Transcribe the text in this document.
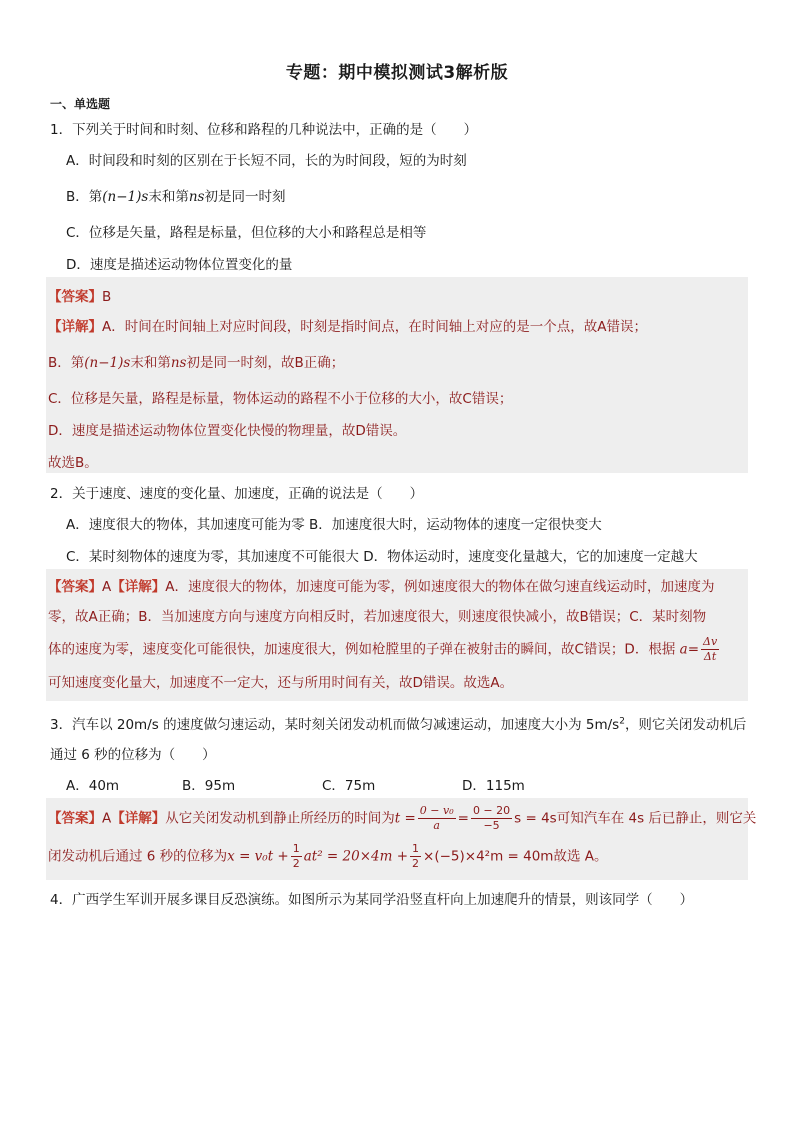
专题：期中模拟测试3解析版
一、单选题
1．下列关于时间和时刻、位移和路程的几种说法中，正确的是（　　）
A．时间段和时刻的区别在于长短不同，长的为时间段，短的为时刻
B．第(n−1)s末和第ns初是同一时刻
C．位移是矢量，路程是标量，但位移的大小和路程总是相等
D．速度是描述运动物体位置变化的量
【答案】B
【详解】A．时间在时间轴上对应时间段，时刻是指时间点，在时间轴上对应的是一个点，故A错误；
B．第(n−1)s末和第ns初是同一时刻，故B正确；
C．位移是矢量，路程是标量，物体运动的路程不小于位移的大小，故C错误；
D．速度是描述运动物体位置变化快慢的物理量，故D错误。
故选B。
2．关于速度、速度的变化量、加速度，正确的说法是（　　）
A．速度很大的物体，其加速度可能为零 B．加速度很大时，运动物体的速度一定很快变大
C．某时刻物体的速度为零，其加速度不可能很大 D．物体运动时，速度变化量越大，它的加速度一定越大
【答案】A【详解】A．速度很大的物体，加速度可能为零，例如速度很大的物体在做匀速直线运动时，加速度为
零，故A正确；B．当加速度方向与速度方向相反时，若加速度很大，则速度很快减小，故B错误；C．某时刻物
体的速度为零，速度变化可能很快，加速度很大，例如枪膛里的子弹在被射击的瞬间，故C错误；D．根据 $a= \frac{\Delta v}{\Delta t}$
可知速度变化量大，加速度不一定大，还与所用时间有关，故D错误。故选A。
3．汽车以 20m/s 的速度做匀速运动，某时刻关闭发动机而做匀减速运动，加速度大小为 $5m/s^2$，则它关闭发动机后
通过 6 秒的位移为（　　）
A．40m	B．95m	C．75m	D．115m
【答案】A【详解】从它关闭发动机到静止所经历的时间为$t = \frac{\text{0 − v₀}}{a} = \frac{0 - 20}{-5}$ s = 4s可知汽车在 4s 后已静止，则它关
闭发动机后通过 6 秒的位移为$x = v_0t + \frac{1}{2} at^2 = 20\times 4m + \frac{1}{2} \times(-5)\times 4^2m = 40m$故选 A。
4．广西学生军训开展多课目反恐演练。如图所示为某同学沿竖直杆向上加速爬升的情景，则该同学（　　）
